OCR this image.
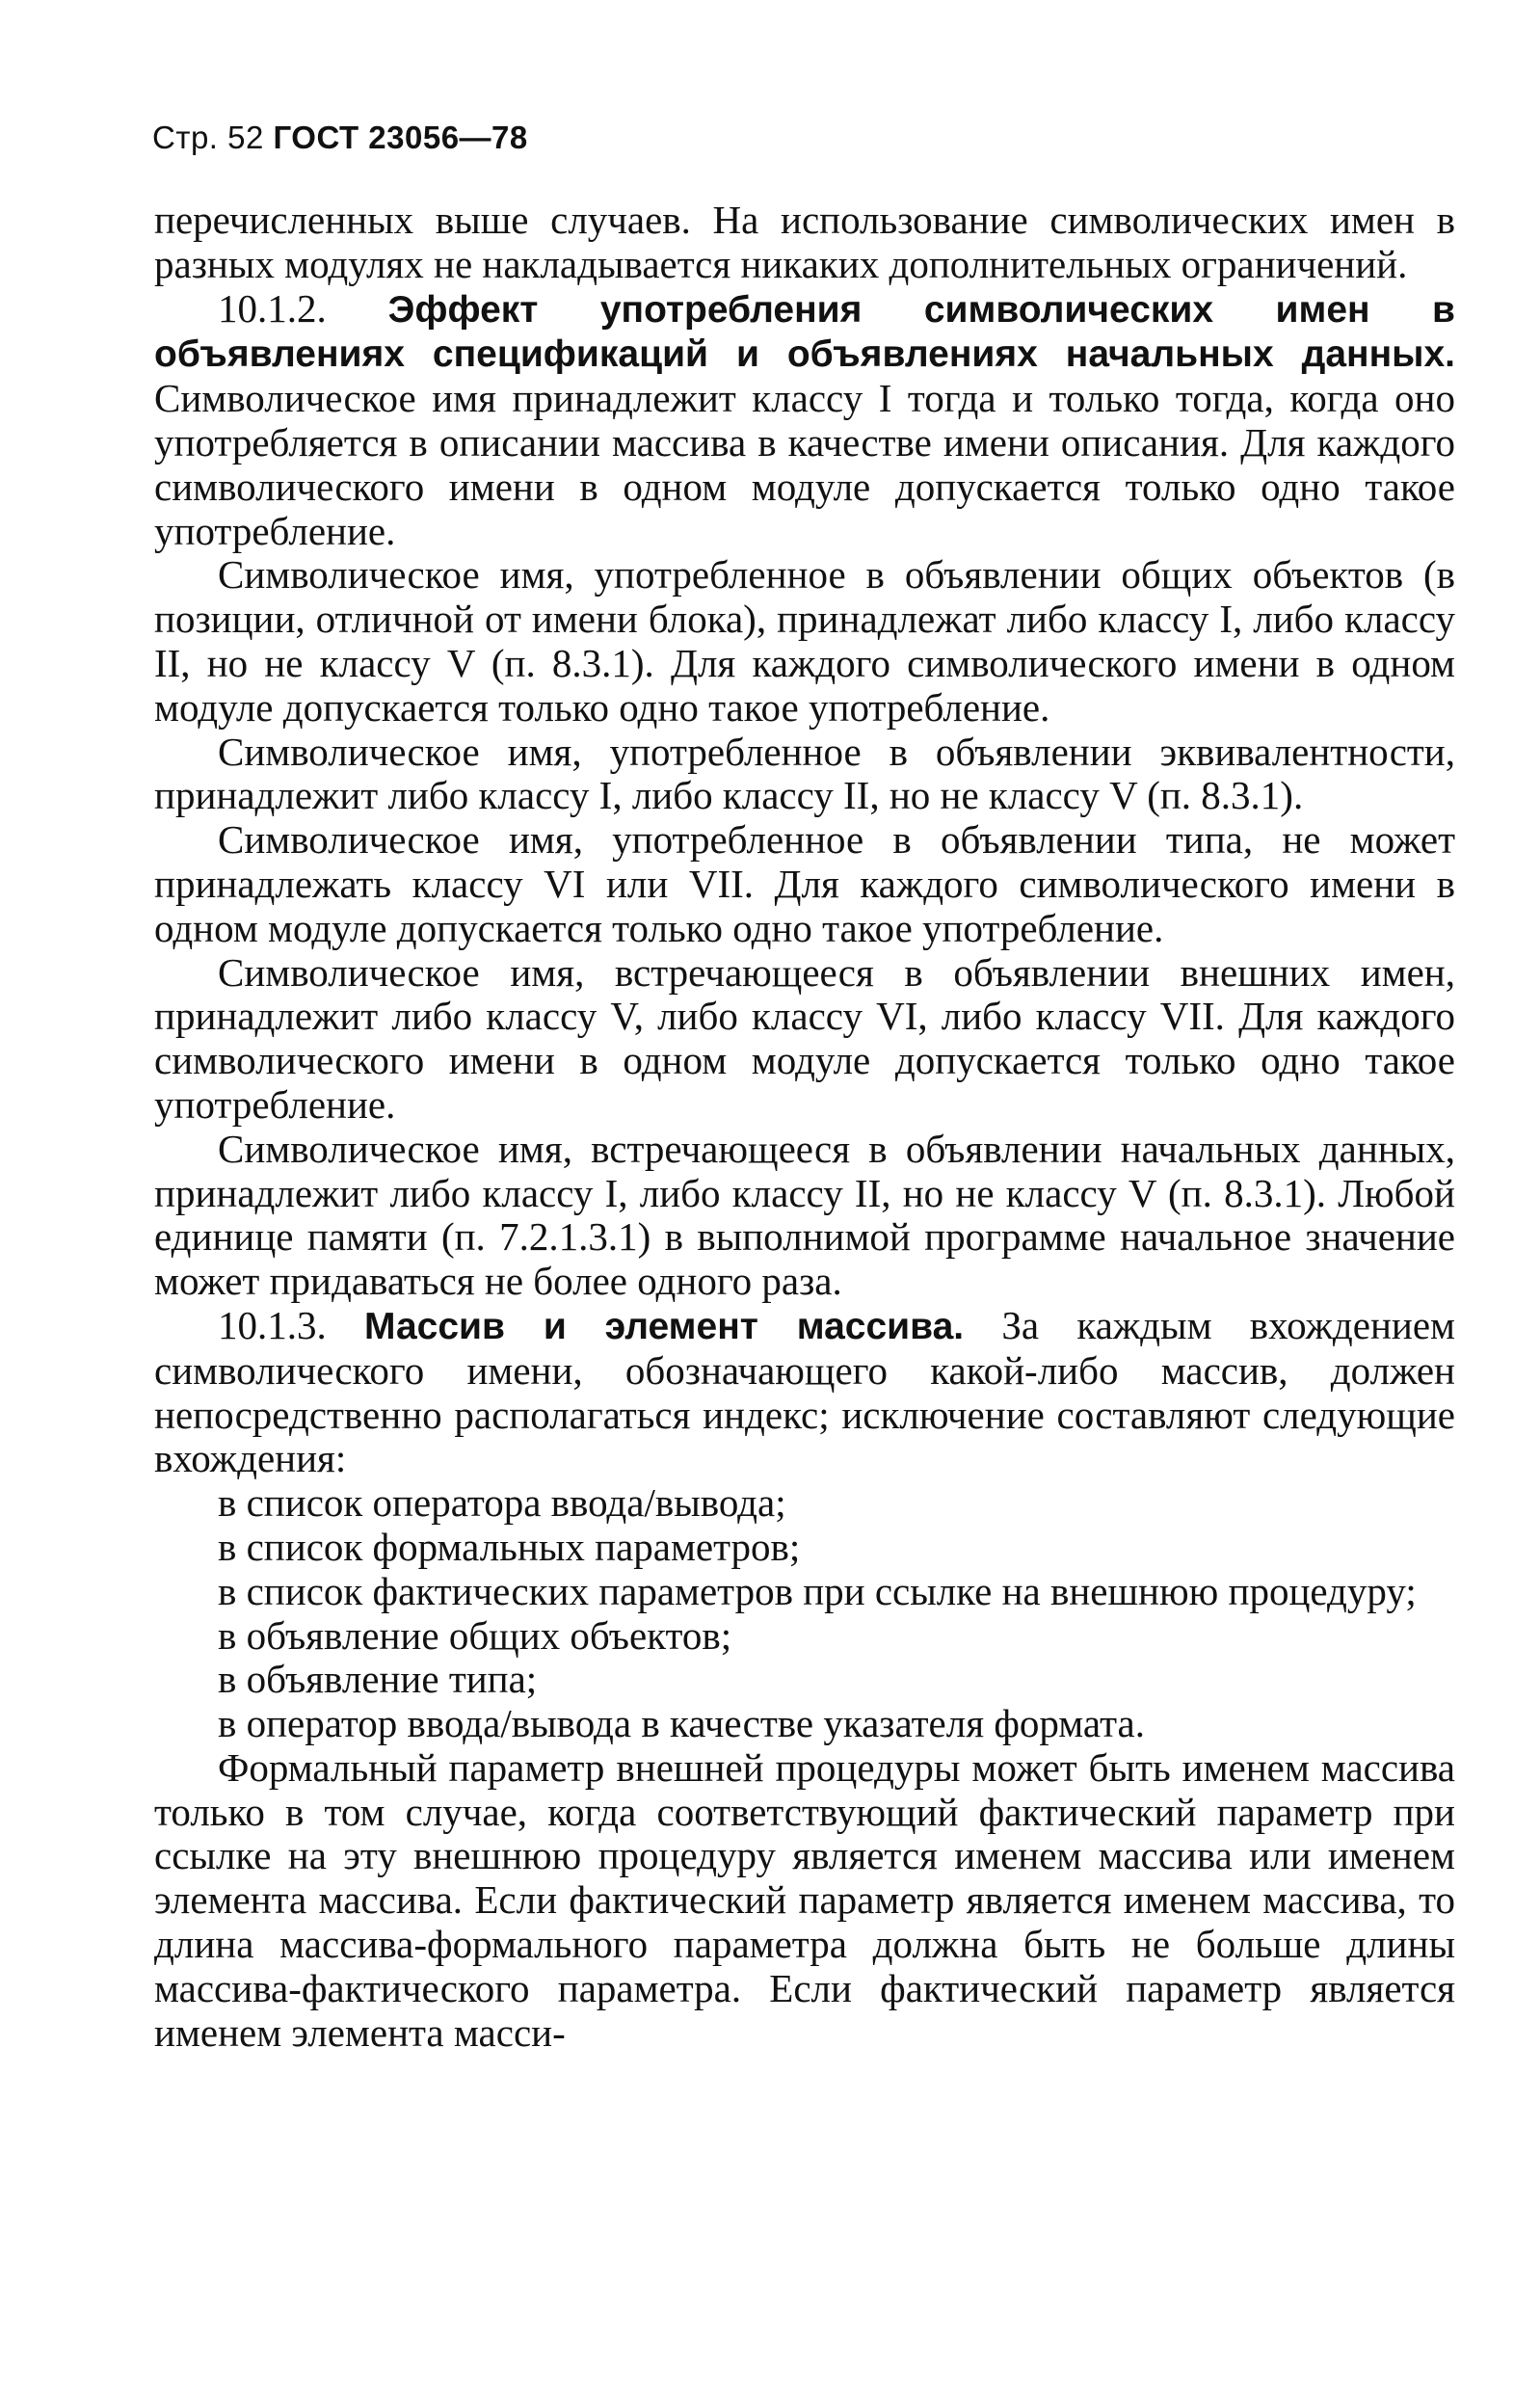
Стр. 52 ГОСТ 23056—78

перечисленных выше случаев. На использование символических имен в разных модулях не накладывается никаких дополнительных ограничений.

10.1.2. Эффект употребления символических имен в объявлениях спецификаций и объявлениях начальных данных. Символическое имя принадлежит классу I тогда и только тогда, когда оно употребляется в описании массива в качестве имени описания. Для каждого символического имени в одном модуле допускается только одно такое употребление.

Символическое имя, употребленное в объявлении общих объектов (в позиции, отличной от имени блока), принадлежат либо классу I, либо классу II, но не классу V (п. 8.3.1). Для каждого символического имени в одном модуле допускается только одно такое употребление.

Символическое имя, употребленное в объявлении эквивалентности, принадлежит либо классу I, либо классу II, но не классу V (п. 8.3.1).

Символическое имя, употребленное в объявлении типа, не может принадлежать классу VI или VII. Для каждого символического имени в одном модуле допускается только одно такое употребление.

Символическое имя, встречающееся в объявлении внешних имен, принадлежит либо классу V, либо классу VI, либо классу VII. Для каждого символического имени в одном модуле допускается только одно такое употребление.

Символическое имя, встречающееся в объявлении начальных данных, принадлежит либо классу I, либо классу II, но не классу V (п. 8.3.1). Любой единице памяти (п. 7.2.1.3.1) в выполнимой программе начальное значение может придаваться не более одного раза.

10.1.3. Массив и элемент массива. За каждым вхождением символического имени, обозначающего какой-либо массив, должен непосредственно располагаться индекс; исключение составляют следующие вхождения:

в список оператора ввода/вывода;

в список формальных параметров;

в список фактических параметров при ссылке на внешнюю процедуру;

в объявление общих объектов;

в объявление типа;

в оператор ввода/вывода в качестве указателя формата.

Формальный параметр внешней процедуры может быть именем массива только в том случае, когда соответствующий фактический параметр при ссылке на эту внешнюю процедуру является именем массива или именем элемента массива. Если фактический параметр является именем массива, то длина массива-формального параметра должна быть не больше длины массива-фактического параметра. Если фактический параметр является именем элемента масси-
